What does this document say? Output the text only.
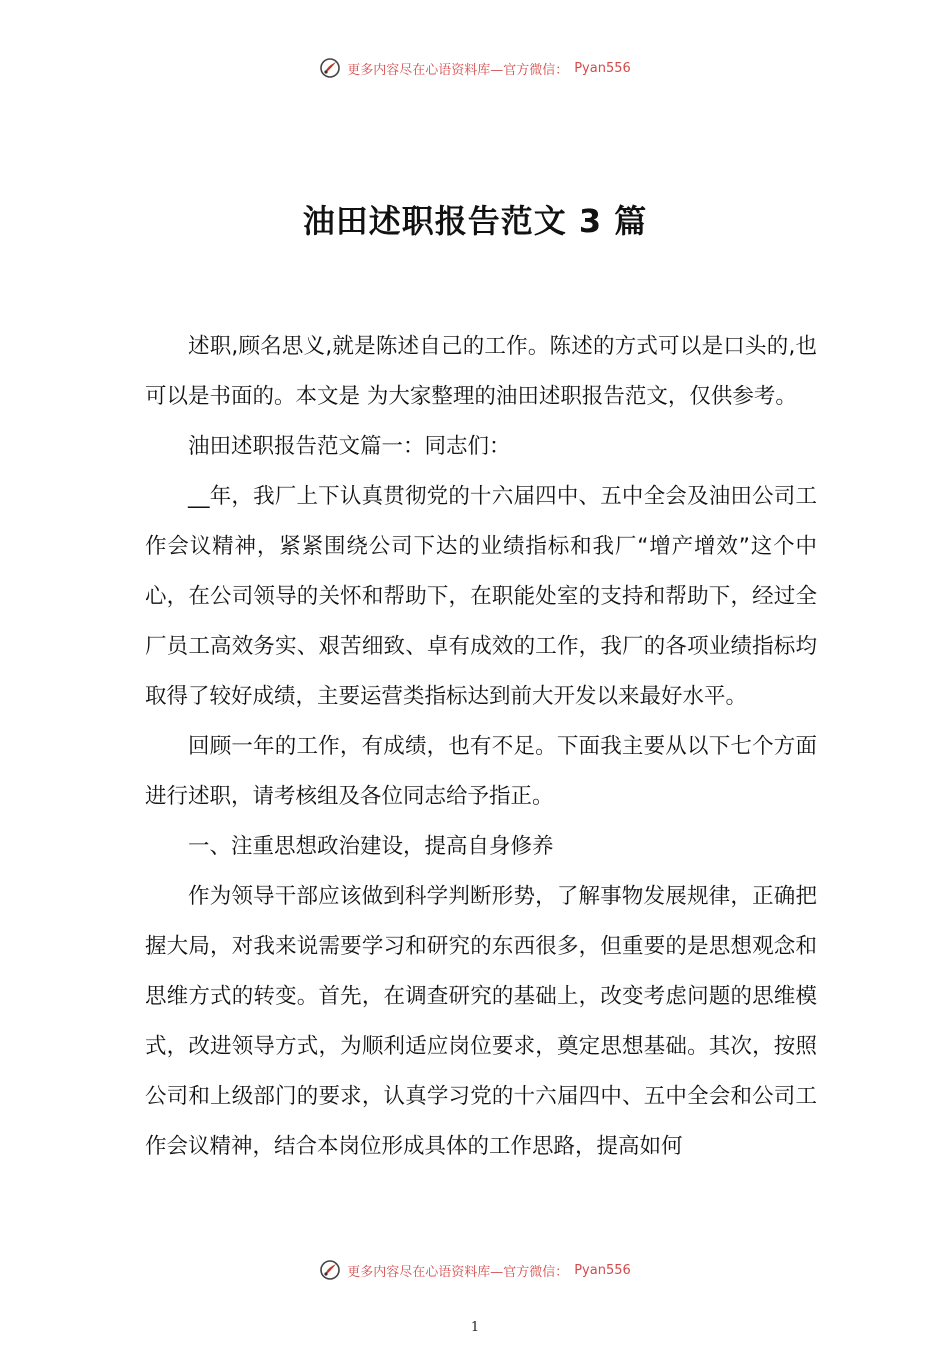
更多内容尽在心语资料库—官方微信： Pyan556
油田述职报告范文 3 篇

述职,顾名思义,就是陈述自己的工作。陈述的方式可以是口头的,也可以是书面的。本文是 为大家整理的油田述职报告范文，仅供参考。

油田述职报告范文篇一：同志们：

__年，我厂上下认真贯彻党的十六届四中、五中全会及油田公司工作会议精神，紧紧围绕公司下达的业绩指标和我厂“增产增效”这个中心，在公司领导的关怀和帮助下，在职能处室的支持和帮助下，经过全厂员工高效务实、艰苦细致、卓有成效的工作，我厂的各项业绩指标均取得了较好成绩，主要运营类指标达到前大开发以来最好水平。

回顾一年的工作，有成绩，也有不足。下面我主要从以下七个方面进行述职，请考核组及各位同志给予指正。

一、注重思想政治建设，提高自身修养

作为领导干部应该做到科学判断形势，了解事物发展规律，正确把握大局，对我来说需要学习和研究的东西很多，但重要的是思想观念和思维方式的转变。首先，在调查研究的基础上，改变考虑问题的思维模式，改进领导方式，为顺利适应岗位要求，奠定思想基础。其次，按照公司和上级部门的要求，认真学习党的十六届四中、五中全会和公司工作会议精神，结合本岗位形成具体的工作思路，提高如何

更多内容尽在心语资料库—官方微信： Pyan556
1
